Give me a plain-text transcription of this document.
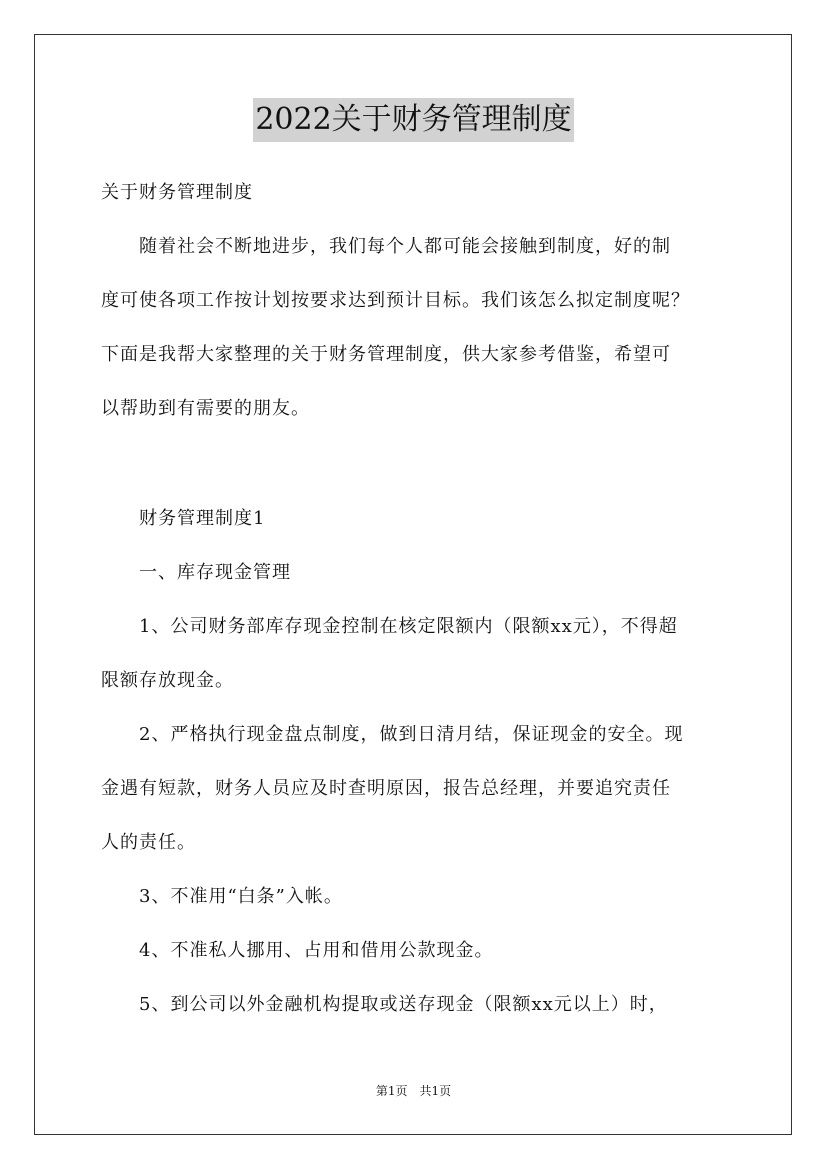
2022关于财务管理制度
关于财务管理制度
　　随着社会不断地进步，我们每个人都可能会接触到制度，好的制
度可使各项工作按计划按要求达到预计目标。我们该怎么拟定制度呢？
下面是我帮大家整理的关于财务管理制度，供大家参考借鉴，希望可
以帮助到有需要的朋友。
　　财务管理制度1
　　一、库存现金管理
　　1、公司财务部库存现金控制在核定限额内（限额xx元），不得超
限额存放现金。
　　2、严格执行现金盘点制度，做到日清月结，保证现金的安全。现
金遇有短款，财务人员应及时查明原因，报告总经理，并要追究责任
人的责任。
　　3、不准用“白条”入帐。
　　4、不准私人挪用、占用和借用公款现金。
　　5、到公司以外金融机构提取或送存现金（限额xx元以上）时，
第1页　共1页
